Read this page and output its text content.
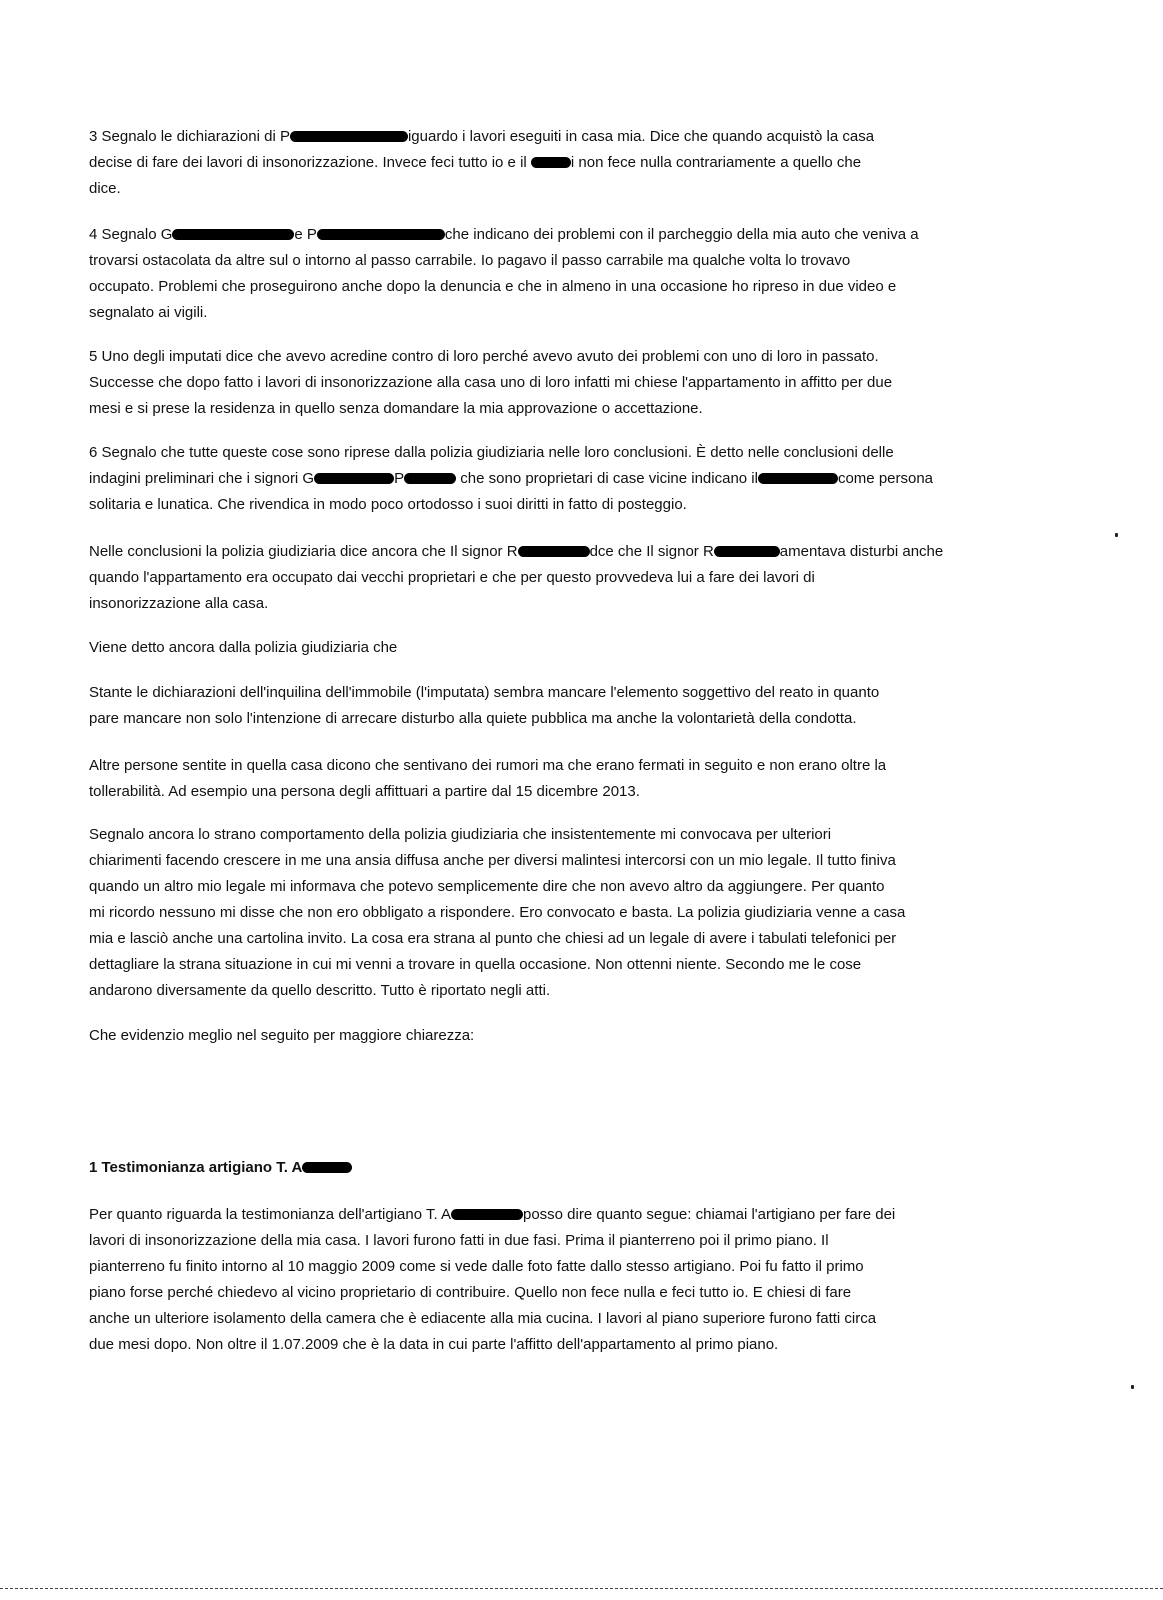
3 Segnalo le dichiarazioni di P	iguardo i lavori eseguiti in casa mia. Dice che quando acquistò la casa
decise di fare dei lavori di insonorizzazione. Invece feci tutto io e il	i non fece nulla contrariamente a quello che
dice.
4 Segnalo G	e P	che indicano dei problemi con il parcheggio della mia auto che veniva a
trovarsi ostacolata da altre sul o intorno al passo carrabile. Io pagavo il passo carrabile ma qualche volta lo trovavo
occupato. Problemi che proseguirono anche dopo la denuncia e che in almeno in una occasione ho ripreso in due video e
segnalato ai vigili.
5 Uno degli imputati dice che avevo acredine contro di loro perché avevo avuto dei problemi con uno di loro in passato.
Successe che dopo fatto i lavori di insonorizzazione alla casa uno di loro infatti mi chiese l'appartamento in affitto per due
mesi e si prese la residenza in quello senza domandare la mia approvazione o accettazione.
6 Segnalo che tutte queste cose sono riprese dalla polizia giudiziaria nelle loro conclusioni. È detto nelle conclusioni delle
indagini preliminari che i signori G	P	che sono proprietari di case vicine indicano il	come persona
solitaria e lunatica. Che rivendica in modo poco ortodosso i suoi diritti in fatto di posteggio.
Nelle conclusioni la polizia giudiziaria dice ancora che Il signor R	dce che Il signor R	amentava disturbi anche
quando l'appartamento era occupato dai vecchi proprietari e che per questo provvedeva lui a fare dei lavori di
insonorizzazione alla casa.
Viene detto ancora dalla polizia giudiziaria che
Stante le dichiarazioni dell'inquilina dell'immobile (l'imputata) sembra mancare l'elemento soggettivo del reato in quanto
pare mancare non solo l'intenzione di arrecare disturbo alla quiete pubblica ma anche la volontarietà della condotta.
Altre persone sentite in quella casa dicono che sentivano dei rumori ma che erano fermati in seguito e non erano oltre la
tollerabilità. Ad esempio una persona degli affittuari a partire dal 15 dicembre 2013.
Segnalo ancora lo strano comportamento della polizia giudiziaria che insistentemente mi convocava per ulteriori
chiarimenti facendo crescere in me una ansia diffusa anche per diversi malintesi intercorsi con un mio legale. Il tutto finiva
quando un altro mio legale mi informava che potevo semplicemente dire che non avevo altro da aggiungere. Per quanto
mi ricordo nessuno mi disse che non ero obbligato a rispondere. Ero convocato e basta. La polizia giudiziaria venne a casa
mia e lasciò anche una cartolina invito. La cosa era strana al punto che chiesi ad un legale di avere i tabulati telefonici per
dettagliare la strana situazione in cui mi venni a trovare in quella occasione. Non ottenni niente. Secondo me le cose
andarono diversamente da quello descritto. Tutto è riportato negli atti.
Che evidenzio meglio nel seguito per maggiore chiarezza:
1 Testimonianza artigiano T. A
Per quanto riguarda la testimonianza dell'artigiano T. A	posso dire quanto segue: chiamai l'artigiano per fare dei
lavori di insonorizzazione della mia casa. I lavori furono fatti in due fasi. Prima il pianterreno poi il primo piano. Il
pianterreno fu finito intorno al 10 maggio 2009 come si vede dalle foto fatte dallo stesso artigiano. Poi fu fatto il primo
piano forse perché chiedevo al vicino proprietario di contribuire. Quello non fece nulla e feci tutto io. E chiesi di fare
anche un ulteriore isolamento della camera che è ediacente alla mia cucina. I lavori al piano superiore furono fatti circa
due mesi dopo. Non oltre il 1.07.2009 che è la data in cui parte l'affitto dell'appartamento al primo piano.
